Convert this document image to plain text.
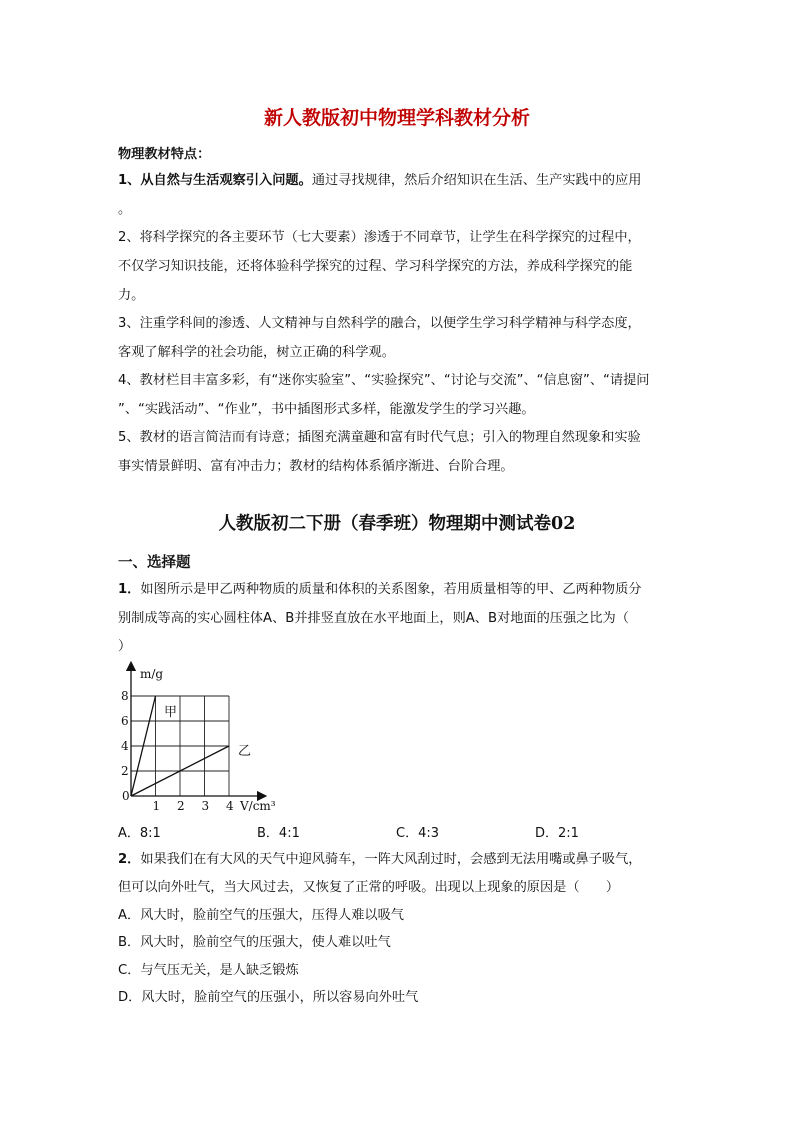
新人教版初中物理学科教材分析
物理教材特点：
1、从自然与生活观察引入问题。通过寻找规律，然后介绍知识在生活、生产实践中的应用
。
2、将科学探究的各主要环节（七大要素）渗透于不同章节，让学生在科学探究的过程中，
不仅学习知识技能，还将体验科学探究的过程、学习科学探究的方法，养成科学探究的能
力。
3、注重学科间的渗透、人文精神与自然科学的融合，以便学生学习科学精神与科学态度，
客观了解科学的社会功能，树立正确的科学观。
4、教材栏目丰富多彩，有“迷你实验室”、“实验探究”、“讨论与交流”、“信息窗”、“请提问
”、“实践活动”、“作业”，书中插图形式多样，能激发学生的学习兴趣。
5、教材的语言简洁而有诗意；插图充满童趣和富有时代气息；引入的物理自然现象和实验
事实情景鲜明、富有冲击力；教材的结构体系循序渐进、台阶合理。
人教版初二下册（春季班）物理期中测试卷02
一、选择题
1．如图所示是甲乙两种物质的质量和体积的关系图象，若用质量相等的甲、乙两种物质分
别制成等高的实心圆柱体A、B并排竖直放在水平地面上，则A、B对地面的压强之比为（
）
0
1 2 3 4
2
4
6
8
m/g
V/cm³
甲
乙
A．8:1	B．4:1	C．4:3	D．2:1
2．如果我们在有大风的天气中迎风骑车，一阵大风刮过时，会感到无法用嘴或鼻子吸气，
但可以向外吐气，当大风过去，又恢复了正常的呼吸。出现以上现象的原因是（　　）
A．风大时，脸前空气的压强大，压得人难以吸气
B．风大时，脸前空气的压强大，使人难以吐气
C．与气压无关，是人缺乏锻炼
D．风大时，脸前空气的压强小，所以容易向外吐气
